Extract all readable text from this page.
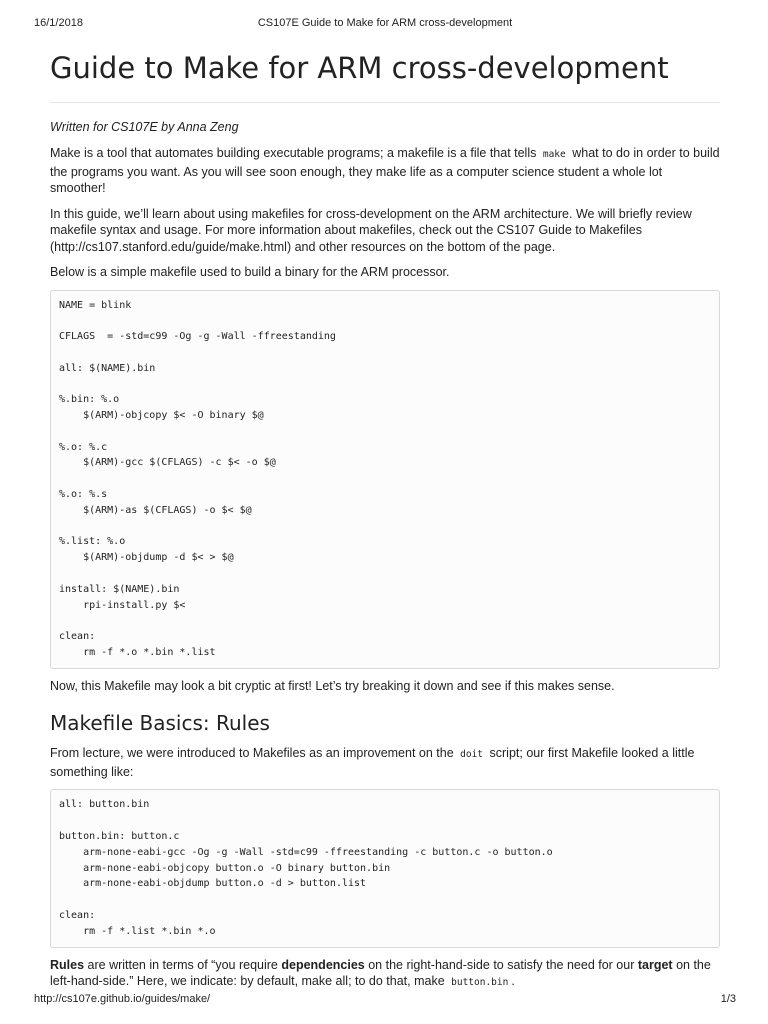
16/1/2018	CS107E Guide to Make for ARM cross-development
Guide to Make for ARM cross-development
Written for CS107E by Anna Zeng

Make is a tool that automates building executable programs; a makefile is a file that tells make what to do in order to build the programs you want. As you will see soon enough, they make life as a computer science student a whole lot smoother!

In this guide, we’ll learn about using makefiles for cross-development on the ARM architecture. We will briefly review makefile syntax and usage. For more information about makefiles, check out the CS107 Guide to Makefiles (http://cs107.stanford.edu/guide/make.html) and other resources on the bottom of the page.

Below is a simple makefile used to build a binary for the ARM processor.

NAME = blink

CFLAGS  = -std=c99 -Og -g -Wall -ffreestanding

all: $(NAME).bin

%.bin: %.o
$(ARM)-objcopy $< -O binary $@

%.o: %.c
$(ARM)-gcc $(CFLAGS) -c $< -o $@

%.o: %.s
$(ARM)-as $(CFLAGS) -o $< $@

%.list: %.o
$(ARM)-objdump -d $< > $@

install: $(NAME).bin
rpi-install.py $<

clean:
rm -f *.o *.bin *.list

Now, this Makefile may look a bit cryptic at first! Let’s try breaking it down and see if this makes sense.

Makefile Basics: Rules

From lecture, we were introduced to Makefiles as an improvement on the doit script; our first Makefile looked a little something like:

all: button.bin

button.bin: button.c
arm-none-eabi-gcc -Og -g -Wall -std=c99 -ffreestanding -c button.c -o button.o
arm-none-eabi-objcopy button.o -O binary button.bin
arm-none-eabi-objdump button.o -d > button.list

clean:
rm -f *.list *.bin *.o

Rules are written in terms of “you require dependencies on the right-hand-side to satisfy the need for our target on the left-hand-side.” Here, we indicate: by default, make all; to do that, make button.bin .

http://cs107e.github.io/guides/make/	1/3
